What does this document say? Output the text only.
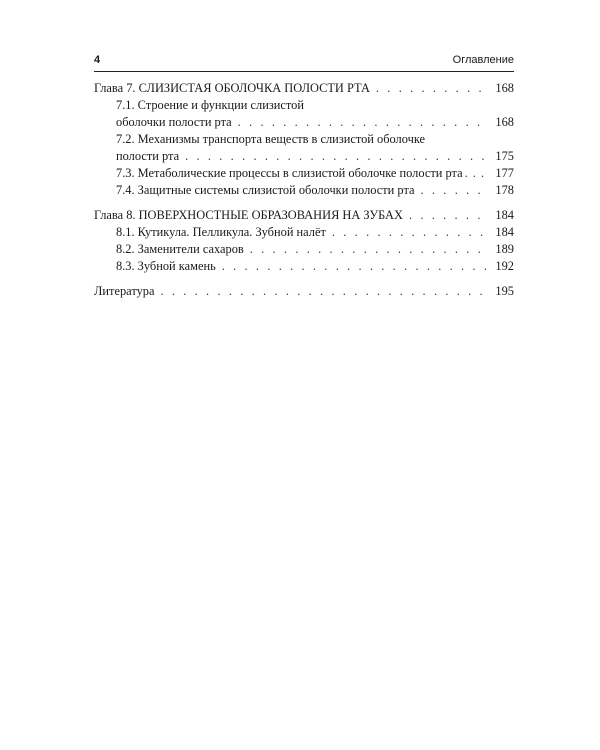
4	Оглавление
Глава 7. СЛИЗИСТАЯ ОБОЛОЧКА ПОЛОСТИ РТА . . .	168
7.1. Строение и функции слизистой
оболочки полости рта . . .	168
7.2. Механизмы транспорта веществ в слизистой оболочке
полости рта . . .	175
7.3. Метаболические процессы в слизистой оболочке полости рта . . .	177
7.4. Защитные системы слизистой оболочки полости рта . . .	178
Глава 8. ПОВЕРХНОСТНЫЕ ОБРАЗОВАНИЯ НА ЗУБАХ . . .	184
8.1. Кутикула. Пелликула. Зубной налёт . . .	184
8.2. Заменители сахаров . . .	189
8.3. Зубной камень . . .	192
Литература . . .	195
